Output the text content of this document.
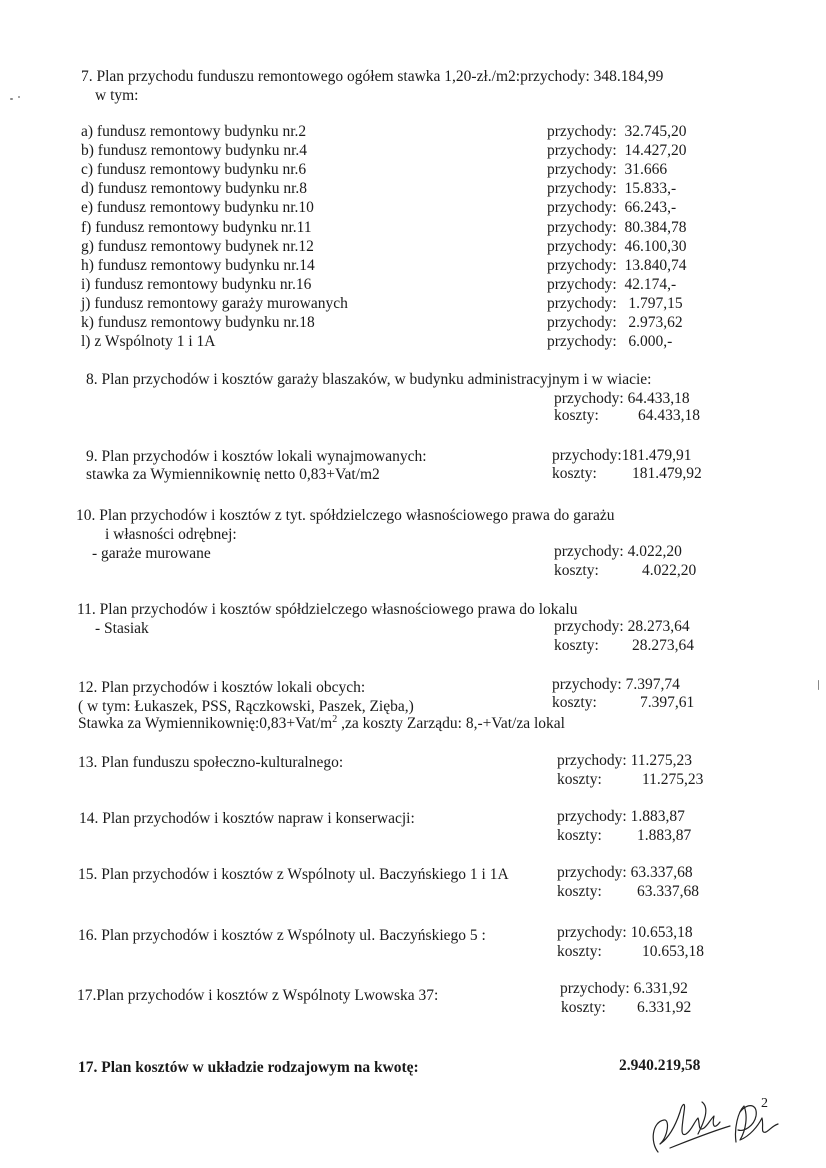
7. Plan przychodu funduszu remontowego ogółem stawka 1,20-zł./m2:przychody: 348.184,99
w tym:
a) fundusz remontowy budynku nr.2	przychody:  32.745,20
b) fundusz remontowy budynku nr.4	przychody:  14.427,20
c) fundusz remontowy budynku nr.6	przychody:  31.666
d) fundusz remontowy budynku nr.8	przychody:  15.833,-
e) fundusz remontowy budynku nr.10	przychody:  66.243,-
f) fundusz remontowy budynku nr.11	przychody:  80.384,78
g) fundusz remontowy budynek nr.12	przychody:  46.100,30
h) fundusz remontowy budynku nr.14	przychody:  13.840,74
i) fundusz remontowy budynku nr.16	przychody:  42.174,-
j) fundusz remontowy garaży murowanych	przychody:   1.797,15
k) fundusz remontowy budynku nr.18	przychody:   2.973,62
l) z Wspólnoty 1 i 1A	przychody:   6.000,-
8. Plan przychodów i kosztów garaży blaszaków, w budynku administracyjnym i w wiacie:
przychody: 64.433,18
koszty:	64.433,18
9. Plan przychodów i kosztów lokali wynajmowanych:
stawka za Wymiennikownię netto 0,83+Vat/m2
przychody:181.479,91
koszty: 181.479,92
10. Plan przychodów i kosztów z tyt. spółdzielczego własnościowego prawa do garażu
i własności odrębnej:
- garaże murowane	przychody: 4.022,20
koszty:	4.022,20
11. Plan przychodów i kosztów spółdzielczego własnościowego prawa do lokalu
- Stasiak	przychody: 28.273,64
koszty: 28.273,64
12. Plan przychodów i kosztów lokali obcych:
( w tym: Łukaszek, PSS, Rączkowski, Paszek, Zięba,)
Stawka za $Wymiennikownię:0,83+Vat/m^2$ ,za koszty Zarządu: 8,-+Vat/za lokal
przychody: 7.397,74
koszty:	7.397,61
13. Plan funduszu społeczno-kulturalnego:	przychody: 11.275,23
koszty:	11.275,23
14. Plan przychodów i kosztów napraw i konserwacji:	przychody: 1.883,87
koszty: 1.883,87
15. Plan przychodów i kosztów z Wspólnoty ul. Baczyńskiego 1 i 1A	przychody: 63.337,68
koszty: 63.337,68
16. Plan przychodów i kosztów z Wspólnoty ul. Baczyńskiego 5 :	przychody: 10.653,18
koszty:	10.653,18
17.Plan przychodów i kosztów z Wspólnoty Lwowska 37:	przychody: 6.331,92
koszty: 6.331,92
17. Plan kosztów w układzie rodzajowym na kwotę:	2.940.219,58
2
